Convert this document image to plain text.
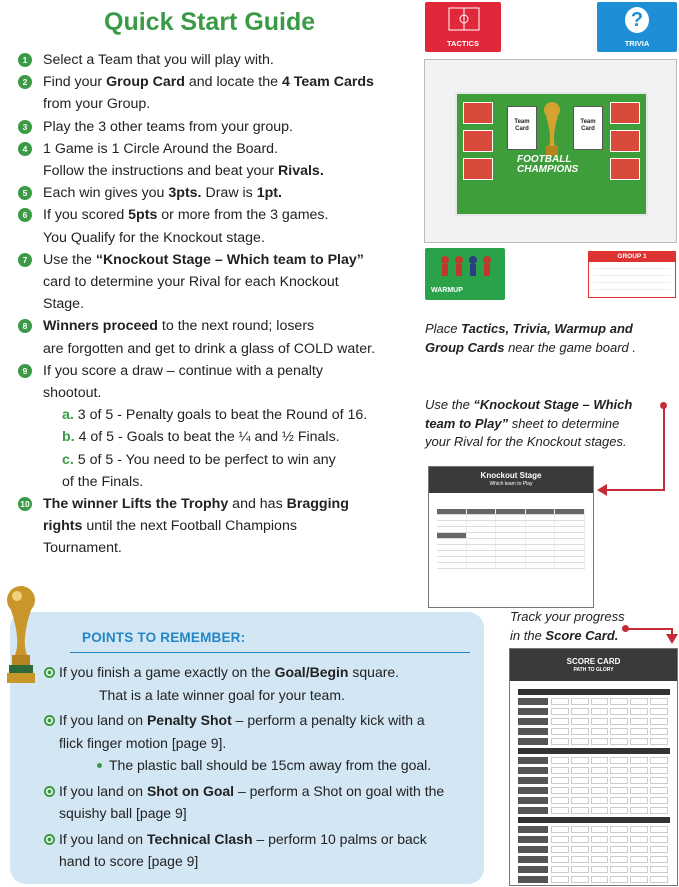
Quick Start Guide
1	Select a Team that you will play with.
2	Find your Group Card and locate the 4 Team Cards
from your Group.
3	Play the 3 other teams from your group.
4	1 Game is 1 Circle Around the Board.
Follow the instructions and beat your Rivals.
5	Each win gives you 3pts. Draw is 1pt.
6	If you scored 5pts or more from the 3 games.
You Qualify for the Knockout stage.
7	Use the “Knockout Stage – Which team to Play”
card to determine your Rival for each Knockout
Stage.
8	Winners proceed to the next round; losers
are forgotten and get to drink a glass of COLD water.
9	If you score a draw – continue with a penalty
shootout.
a. 3 of 5 - Penalty goals to beat the Round of 16.
b. 4 of 5 - Goals to beat the ¼ and ½ Finals.
c. 5 of 5 - You need to be perfect to win any
of the Finals.
10 The winner Lifts the Trophy and has Bragging
rights until the next Football Champions
Tournament.
POINTS TO REMEMBER:
If you finish a game exactly on the Goal/Begin square.
That is a late winner goal for your team.
If you land on Penalty Shot – perform a penalty kick with a
flick finger motion [page 9].
The plastic ball should be 15cm away from the goal.
If you land on Shot on Goal – perform a Shot on goal with the
squishy ball [page 9]
If you land on Technical Clash – perform 10 palms or back
hand to score [page 9]
TACTICS
?
TRIVIA
Team Card
Team Card
FOOTBALL CHAMPIONS
WARMUP
GROUP 1
Place Tactics, Trivia, Warmup and
Group Cards near the game board .
Use the “Knockout Stage – Which
team to Play” sheet to determine
your Rival for the Knockout stages.
Knockout Stage
Which team to Play
Track your progress
in the Score Card.
SCORE CARD
PATH TO GLORY
